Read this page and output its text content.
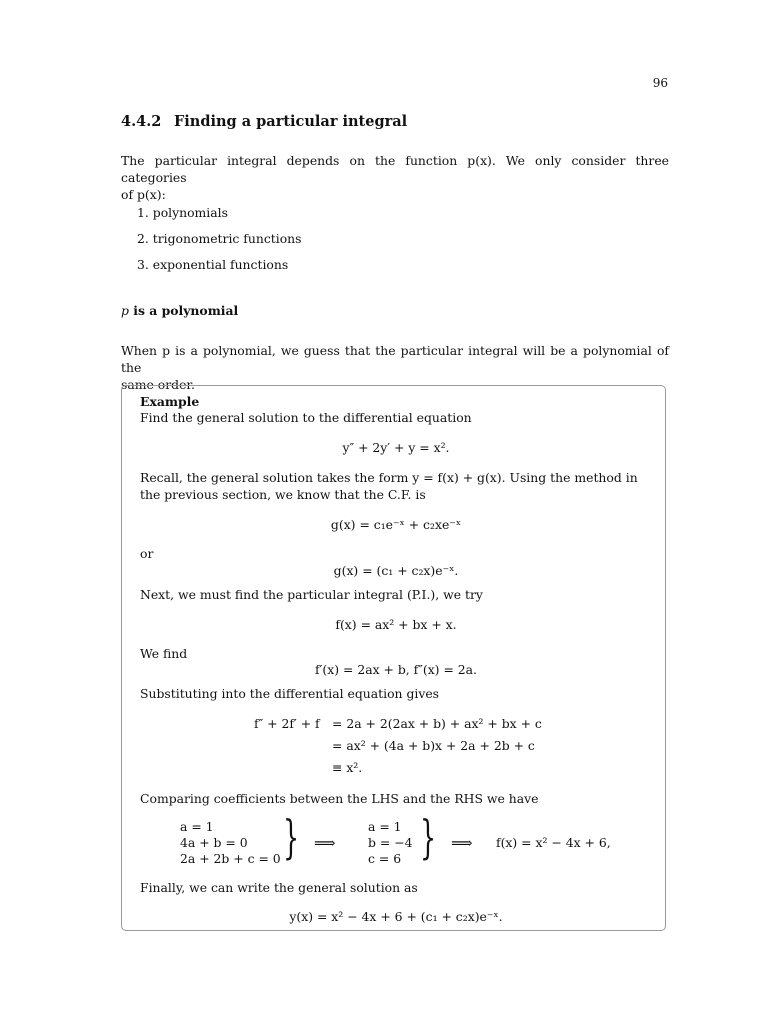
96
4.4.2 Finding a particular integral
The particular integral depends on the function p(x). We only consider three categories
of p(x):
1. polynomials
2. trigonometric functions
3. exponential functions
p is a polynomial
When p is a polynomial, we guess that the particular integral will be a polynomial of the
same order.
Example
Find the general solution to the differential equation
y″ + 2y′ + y = x².
Recall, the general solution takes the form y = f(x) + g(x). Using the method in
the previous section, we know that the C.F. is
g(x) = c₁e⁻ˣ + c₂xe⁻ˣ
or
g(x) = (c₁ + c₂x)e⁻ˣ.
Next, we must find the particular integral (P.I.), we try
f(x) = ax² + bx + x.
We find
f′(x) = 2ax + b, f″(x) = 2a.
Substituting into the differential equation gives
f″ + 2f′ + f = 2a + 2(2ax + b) + ax² + bx + c
= ax² + (4a + b)x + 2a + 2b + c
≡ x².
Comparing coefficients between the LHS and the RHS we have
a = 1
4a + b = 0
2a + 2b + c = 0 } ⟹
a = 1
b = −4
c = 6 } ⟹ f(x) = x² − 4x + 6,
Finally, we can write the general solution as
y(x) = x² − 4x + 6 + (c₁ + c₂x)e⁻ˣ.
